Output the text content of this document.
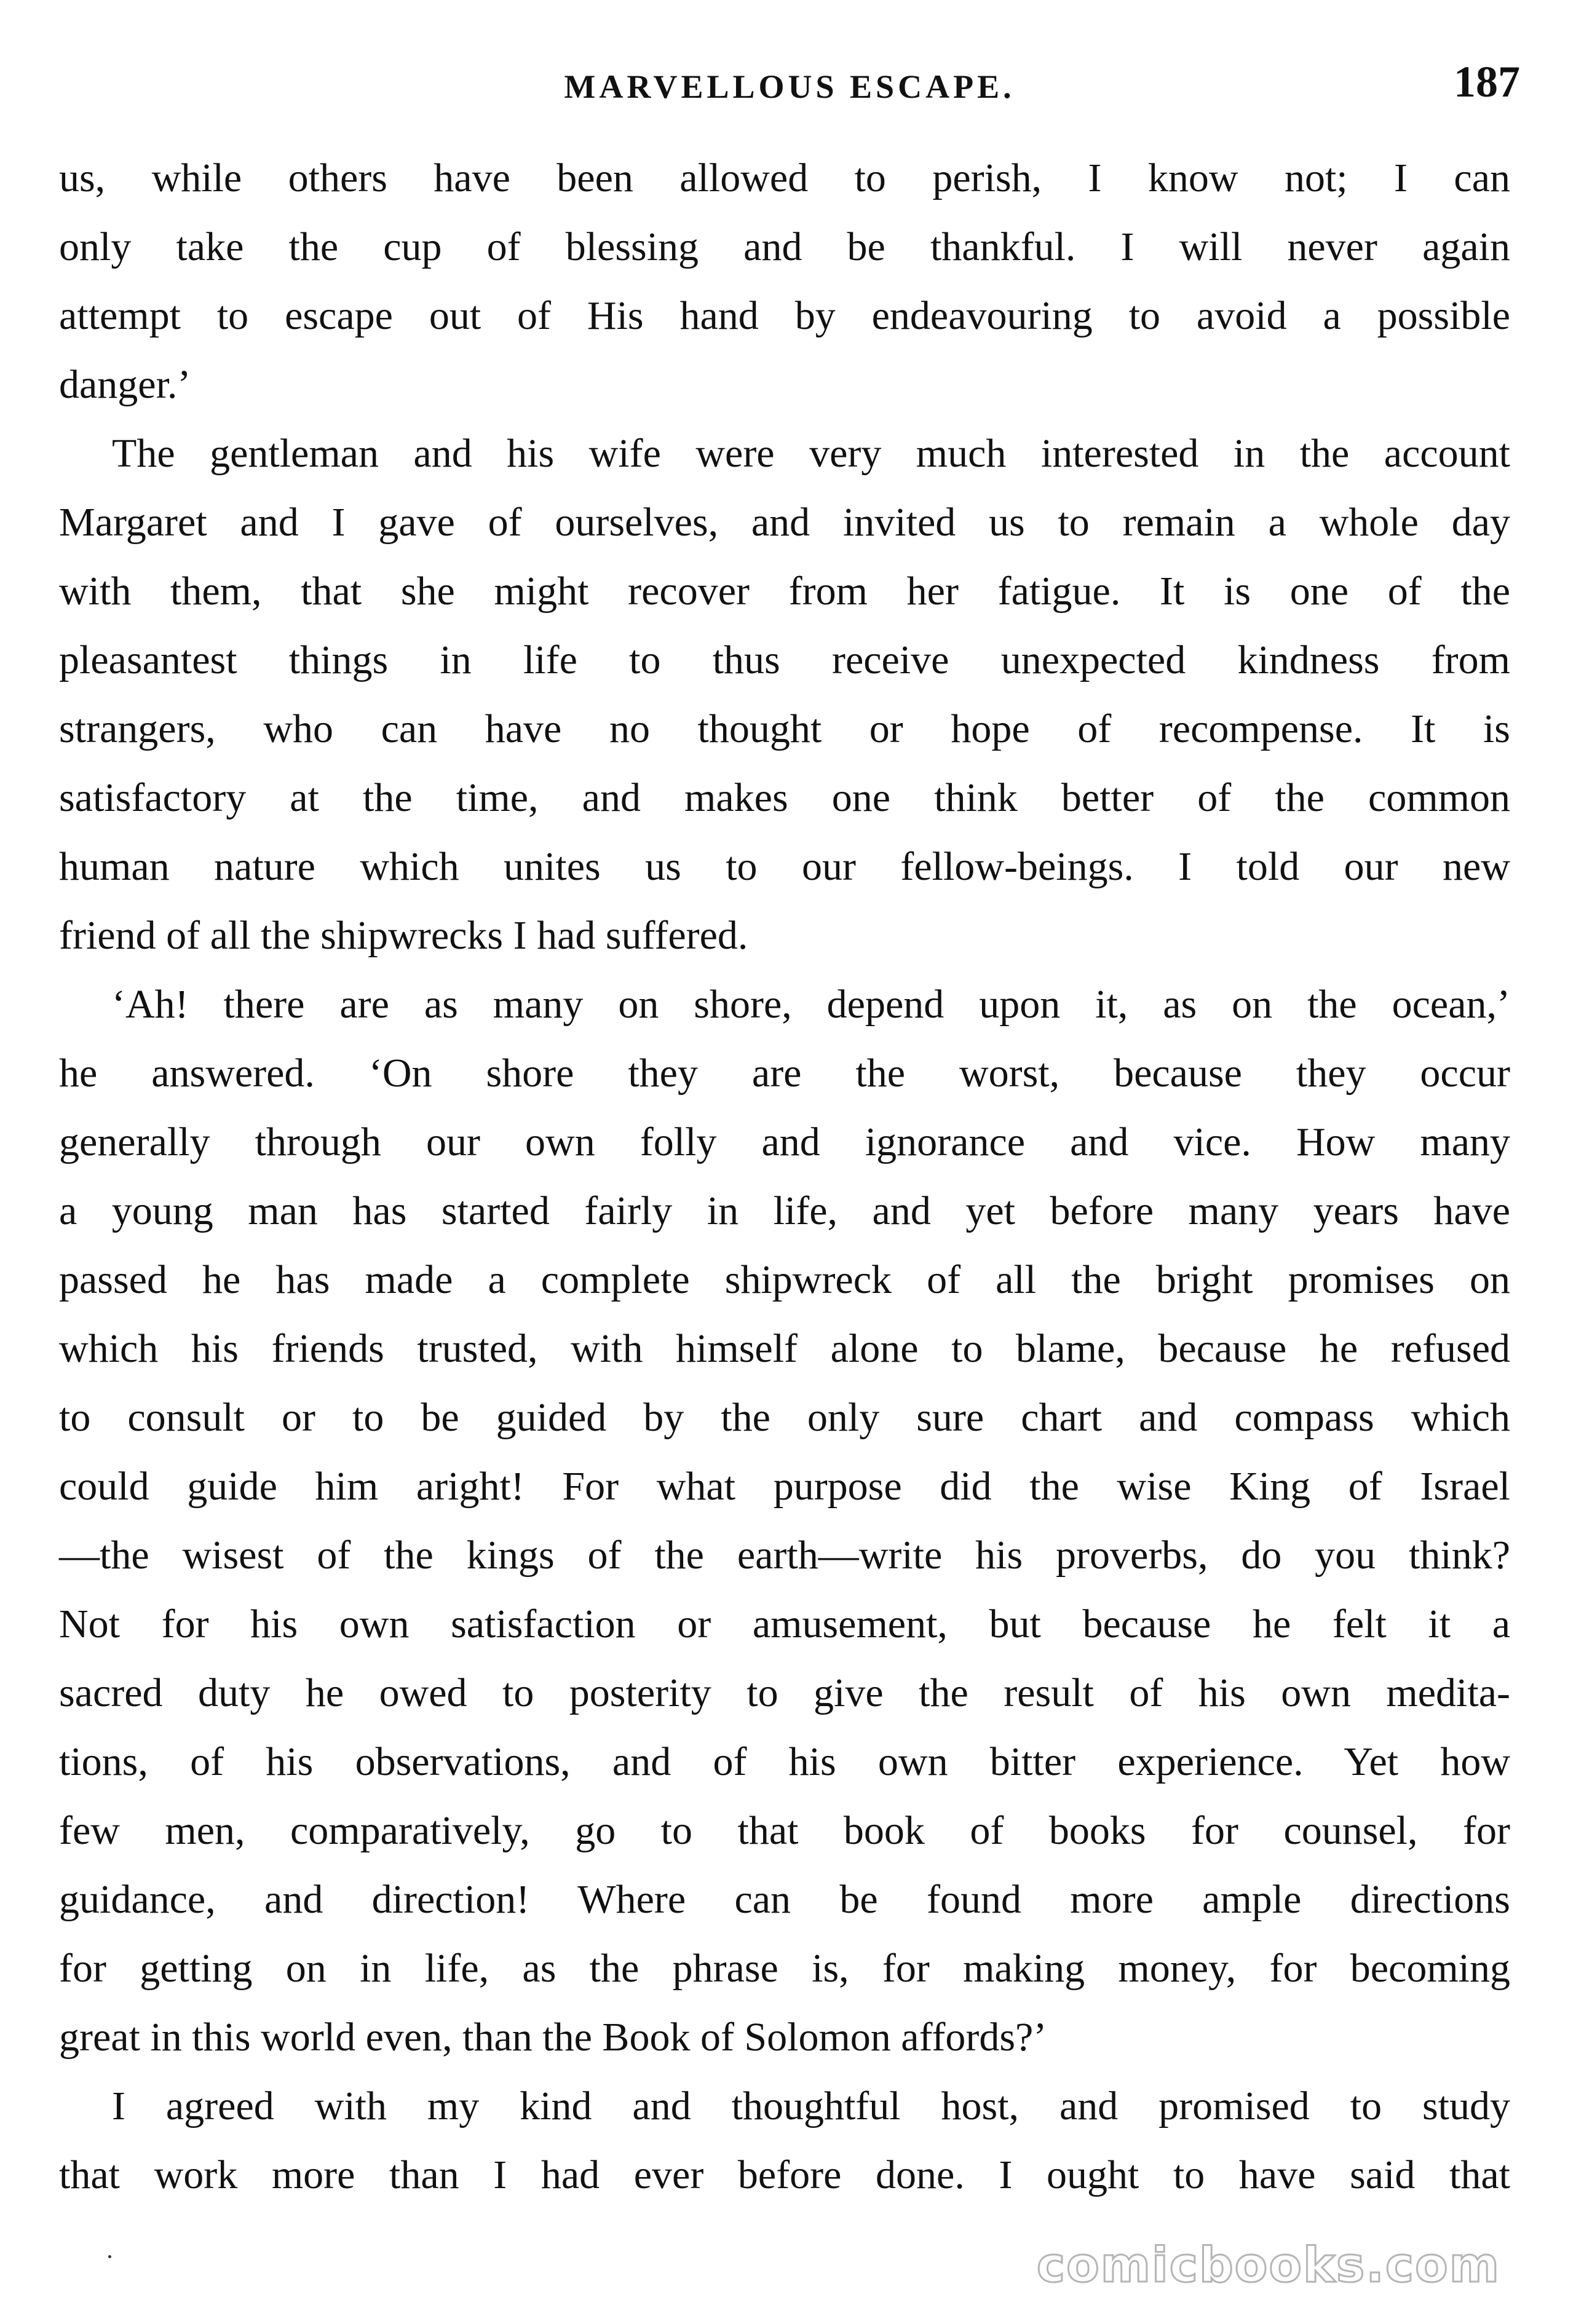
MARVELLOUS ESCAPE.	187
us, while others have been allowed to perish, I know not; I can
only take the cup of blessing and be thankful. I will never again
attempt to escape out of His hand by endeavouring to avoid a possible
danger.’
The gentleman and his wife were very much interested in the account
Margaret and I gave of ourselves, and invited us to remain a whole day
with them, that she might recover from her fatigue. It is one of the
pleasantest things in life to thus receive unexpected kindness from
strangers, who can have no thought or hope of recompense. It is
satisfactory at the time, and makes one think better of the common
human nature which unites us to our fellow-beings. I told our new
friend of all the shipwrecks I had suffered.
‘Ah! there are as many on shore, depend upon it, as on the ocean,’
he answered. ‘On shore they are the worst, because they occur
generally through our own folly and ignorance and vice. How many
a young man has started fairly in life, and yet before many years have
passed he has made a complete shipwreck of all the bright promises on
which his friends trusted, with himself alone to blame, because he refused
to consult or to be guided by the only sure chart and compass which
could guide him aright! For what purpose did the wise King of Israel
—the wisest of the kings of the earth—write his proverbs, do you think?
Not for his own satisfaction or amusement, but because he felt it a
sacred duty he owed to posterity to give the result of his own medita-
tions, of his observations, and of his own bitter experience. Yet how
few men, comparatively, go to that book of books for counsel, for
guidance, and direction! Where can be found more ample directions
for getting on in life, as the phrase is, for making money, for becoming
great in this world even, than the Book of Solomon affords?’
I agreed with my kind and thoughtful host, and promised to study
that work more than I had ever before done. I ought to have said that
comicbooks.com
